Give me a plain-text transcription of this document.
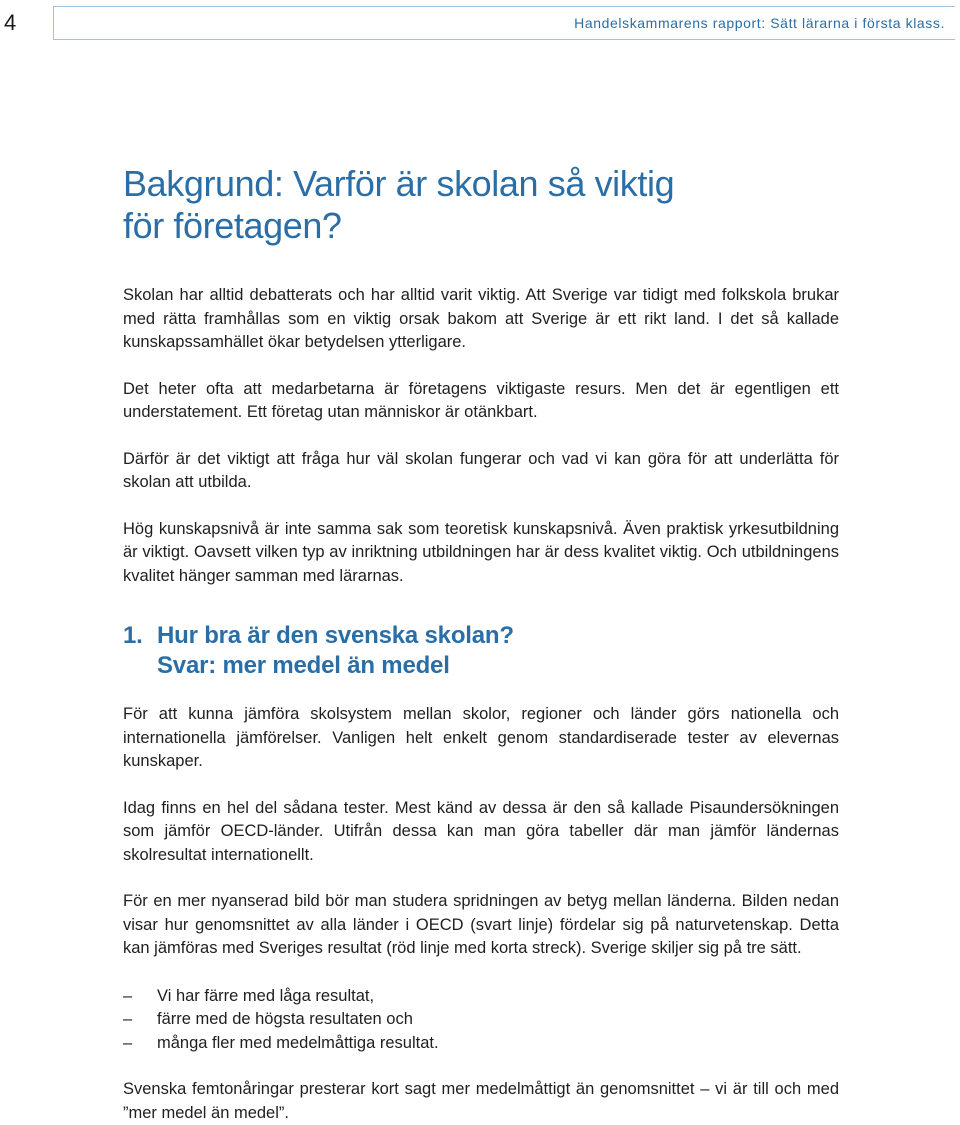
4	Handelskammarens rapport: Sätt lärarna i första klass.
Bakgrund: Varför är skolan så viktig
för företagen?

Skolan har alltid debatterats och har alltid varit viktig. Att Sverige var tidigt med folkskola brukar med rätta framhållas som en viktig orsak bakom att Sverige är ett rikt land. I det så kallade kunskapssamhället ökar betydelsen ytterligare.

Det heter ofta att medarbetarna är företagens viktigaste resurs. Men det är egentligen ett understatement. Ett företag utan människor är otänkbart.

Därför är det viktigt att fråga hur väl skolan fungerar och vad vi kan göra för att underlätta för skolan att utbilda.

Hög kunskapsnivå är inte samma sak som teoretisk kunskapsnivå. Även praktisk yrkesutbildning är viktigt. Oavsett vilken typ av inriktning utbildningen har är dess kvalitet viktig. Och utbildningens kvalitet hänger samman med lärarnas.

1. Hur bra är den svenska skolan?
Svar: mer medel än medel

För att kunna jämföra skolsystem mellan skolor, regioner och länder görs nationella och internationella jämförelser. Vanligen helt enkelt genom standardiserade tester av elevernas kunskaper.

Idag finns en hel del sådana tester. Mest känd av dessa är den så kallade Pisaundersökningen som jämför OECD-länder. Utifrån dessa kan man göra tabeller där man jämför ländernas skolresultat internationellt.

För en mer nyanserad bild bör man studera spridningen av betyg mellan länderna. Bilden nedan visar hur genomsnittet av alla länder i OECD (svart linje) fördelar sig på naturvetenskap. Detta kan jämföras med Sveriges resultat (röd linje med korta streck). Sverige skiljer sig på tre sätt.

– Vi har färre med låga resultat,
– färre med de högsta resultaten och
– många fler med medelmåttiga resultat.

Svenska femtonåringar presterar kort sagt mer medelmåttigt än genomsnittet – vi är till och med ”mer medel än medel”.
